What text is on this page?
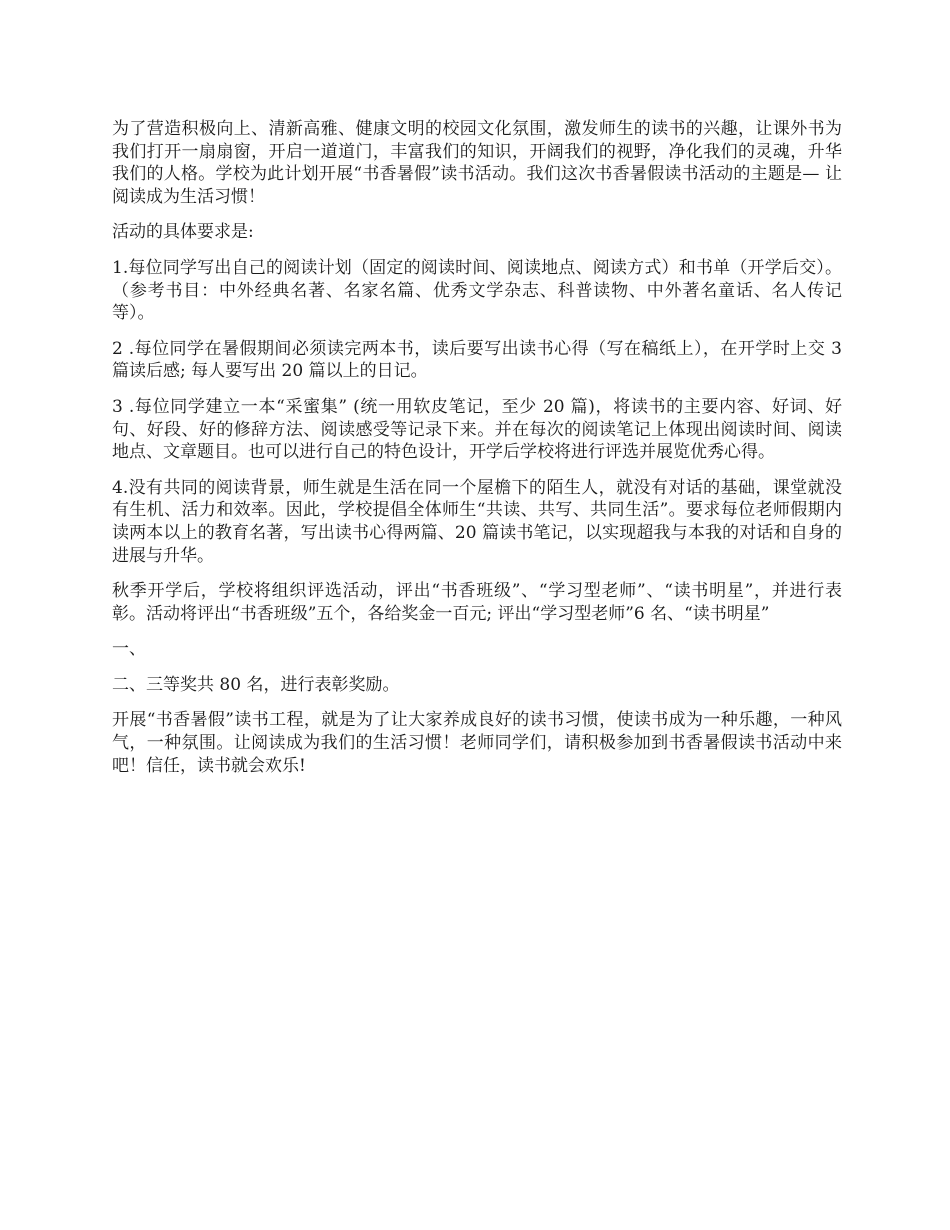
为了营造积极向上、清新高雅、健康文明的校园文化氛围，激发师生的读书的兴趣，让课外书为我们打开一扇扇窗，开启一道道门，丰富我们的知识，开阔我们的视野，净化我们的灵魂，升华我们的人格。学校为此计划开展“书香暑假”读书活动。我们这次书香暑假读书活动的主题是— 让阅读成为生活习惯！

活动的具体要求是:

1.每位同学写出自己的阅读计划（固定的阅读时间、阅读地点、阅读方式）和书单（开学后交）。（参考书目：中外经典名著、名家名篇、优秀文学杂志、科普读物、中外著名童话、名人传记等）。

2 .每位同学在暑假期间必须读完两本书，读后要写出读书心得（写在稿纸上），在开学时上交 3 篇读后感; 每人要写出 20 篇以上的日记。

3 .每位同学建立一本“采蜜集” (统一用软皮笔记，至少 20 篇)，将读书的主要内容、好词、好句、好段、好的修辞方法、阅读感受等记录下来。并在每次的阅读笔记上体现出阅读时间、阅读地点、文章题目。也可以进行自己的特色设计，开学后学校将进行评选并展览优秀心得。

4.没有共同的阅读背景，师生就是生活在同一个屋檐下的陌生人，就没有对话的基础，课堂就没有生机、活力和效率。因此，学校提倡全体师生“共读、共写、共同生活”。要求每位老师假期内读两本以上的教育名著，写出读书心得两篇、20 篇读书笔记，以实现超我与本我的对话和自身的进展与升华。

秋季开学后，学校将组织评选活动，评出“书香班级”、“学习型老师”、“读书明星”，并进行表彰。活动将评出“书香班级”五个，各给奖金一百元; 评出“学习型老师”6 名、“读书明星”

一、

二、三等奖共 80 名，进行表彰奖励。

开展“书香暑假”读书工程，就是为了让大家养成良好的读书习惯，使读书成为一种乐趣，一种风气，一种氛围。让阅读成为我们的生活习惯！老师同学们，请积极参加到书香暑假读书活动中来吧！信任，读书就会欢乐!
